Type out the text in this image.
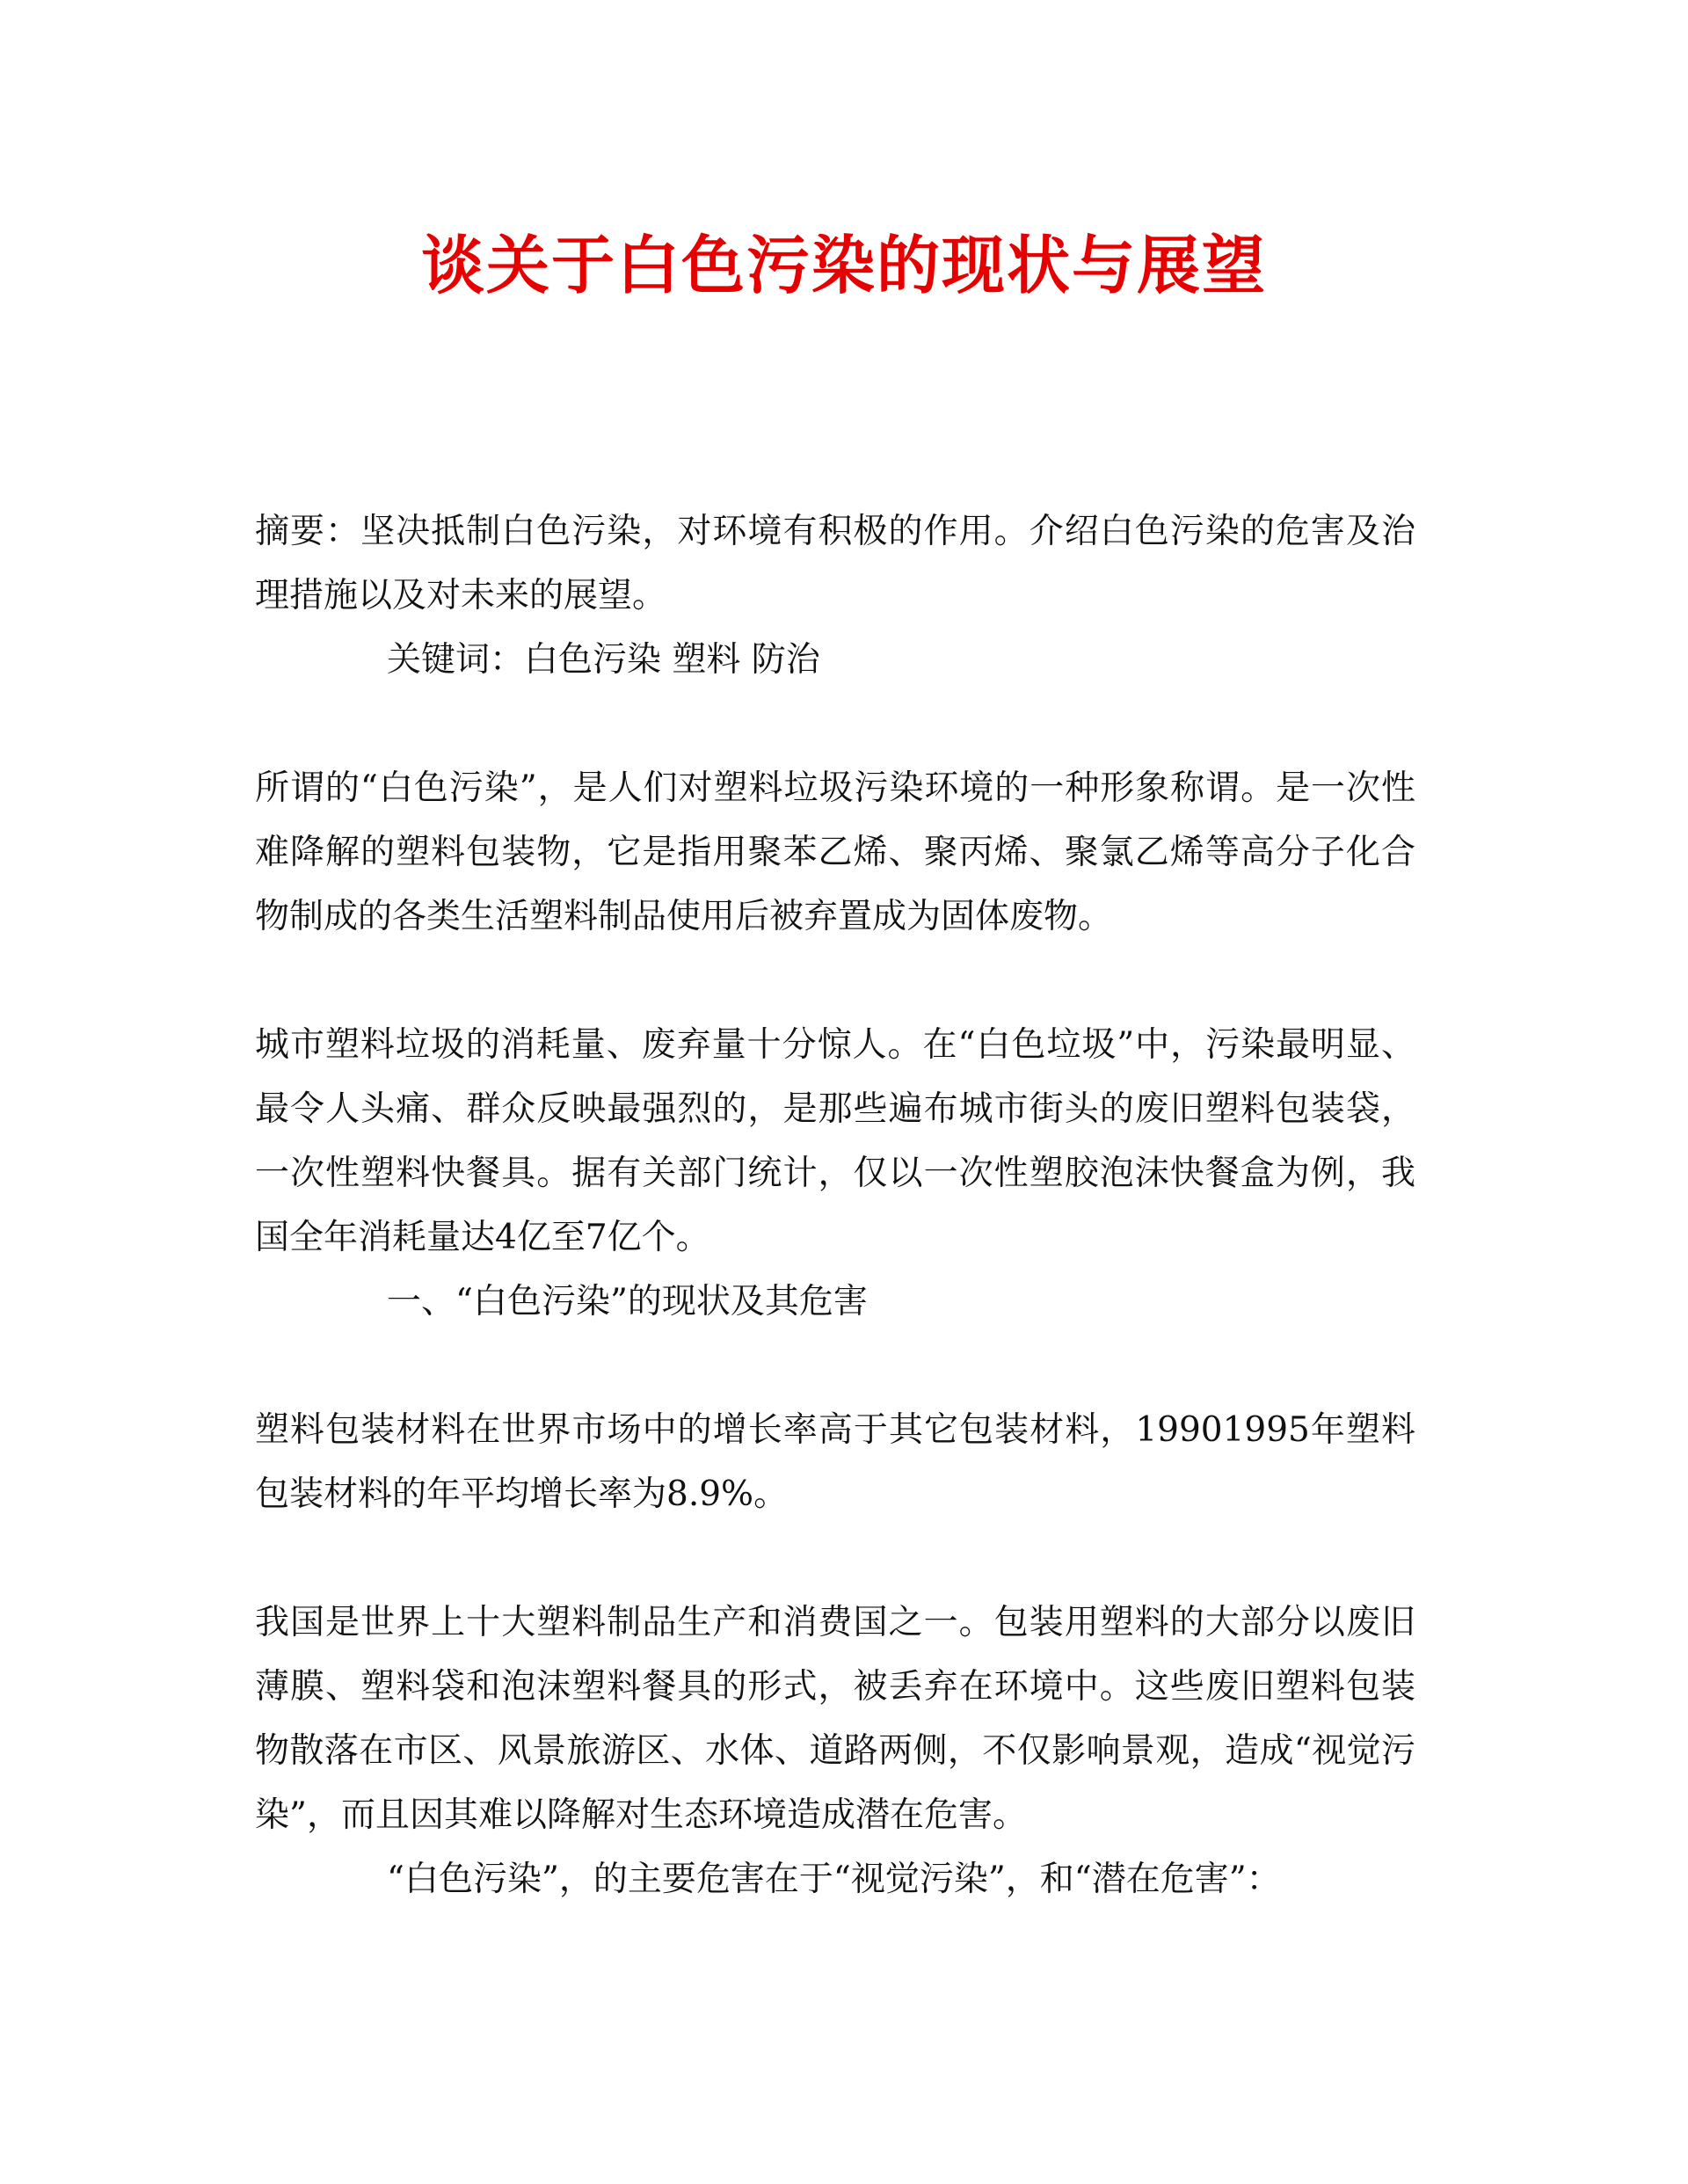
谈关于白色污染的现状与展望

摘要：坚决抵制白色污染，对环境有积极的作用。介绍白色污染的危害及治理措施以及对未来的展望。

关键词：白色污染 塑料 防治

所谓的“白色污染”，是人们对塑料垃圾污染环境的一种形象称谓。是一次性难降解的塑料包装物，它是指用聚苯乙烯、聚丙烯、聚氯乙烯等高分子化合物制成的各类生活塑料制品使用后被弃置成为固体废物。

城市塑料垃圾的消耗量、废弃量十分惊人。在“白色垃圾”中，污染最明显、最令人头痛、群众反映最强烈的，是那些遍布城市街头的废旧塑料包装袋，一次性塑料快餐具。据有关部门统计，仅以一次性塑胶泡沫快餐盒为例，我国全年消耗量达4亿至7亿个。

一、“白色污染”的现状及其危害

塑料包装材料在世界市场中的增长率高于其它包装材料，19901995年塑料包装材料的年平均增长率为8.9%。

我国是世界上十大塑料制品生产和消费国之一。包装用塑料的大部分以废旧薄膜、塑料袋和泡沫塑料餐具的形式，被丢弃在环境中。这些废旧塑料包装物散落在市区、风景旅游区、水体、道路两侧，不仅影响景观，造成“视觉污染”，而且因其难以降解对生态环境造成潜在危害。

“白色污染”，的主要危害在于“视觉污染”，和“潜在危害”：
